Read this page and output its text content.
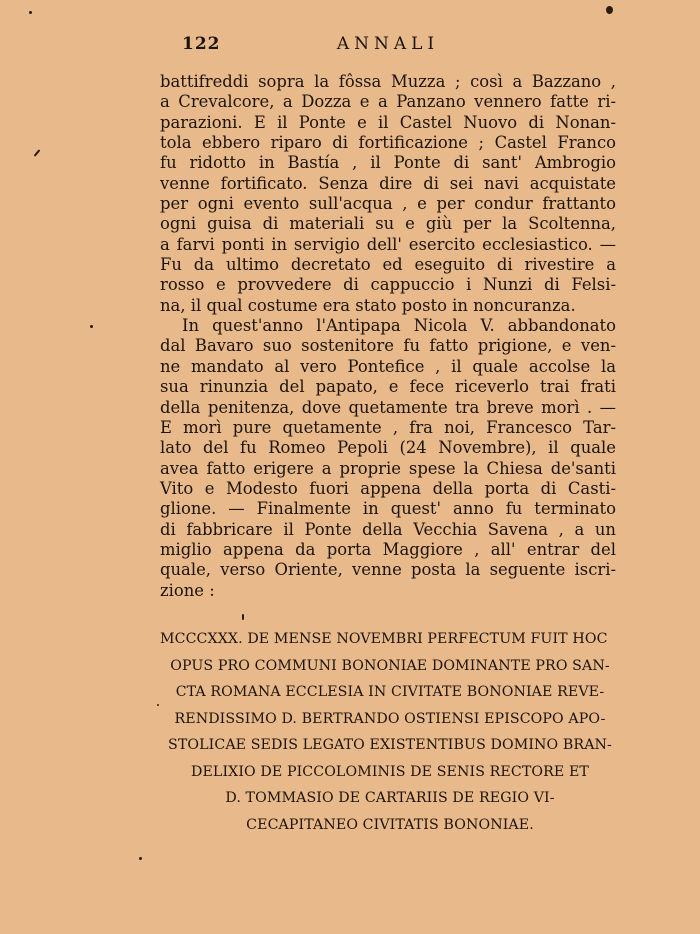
122	ANNALI
battifreddi sopra la fôssa Muzza ; così a Bazzano ,
a Crevalcore, a Dozza e a Panzano vennero fatte ri-
parazioni. E il Ponte e il Castel Nuovo di Nonan-
tola ebbero riparo di fortificazione ; Castel Franco
fu ridotto in Bastía , il Ponte di sant' Ambrogio
venne fortificato. Senza dire di sei navi acquistate
per ogni evento sull'acqua , e per condur frattanto
ogni guisa di materiali su e giù per la Scoltenna,
a farvi ponti in servigio dell' esercito ecclesiastico. —
Fu da ultimo decretato ed eseguito di rivestire a
rosso e provvedere di cappuccio i Nunzi di Felsi-
na, il qual costume era stato posto in noncuranza.
In quest'anno l'Antipapa Nicola V. abbandonato
dal Bavaro suo sostenitore fu fatto prigione, e ven-
ne mandato al vero Pontefice , il quale accolse la
sua rinunzia del papato, e fece riceverlo trai frati
della penitenza, dove quetamente tra breve morì . —
E morì pure quetamente , fra noi, Francesco Tar-
lato del fu Romeo Pepoli (24 Novembre), il quale
avea fatto erigere a proprie spese la Chiesa de'santi
Vito e Modesto fuori appena della porta di Casti-
glione. — Finalmente in quest' anno fu terminato
di fabbricare il Ponte della Vecchia Savena , a un
miglio appena da porta Maggiore , all' entrar del
quale, verso Oriente, venne posta la seguente iscri-
zione :
MCCCXXX. DE MENSE NOVEMBRI PERFECTUM FUIT HOC
OPUS PRO COMMUNI BONONIAE DOMINANTE PRO SAN-
CTA ROMANA ECCLESIA IN CIVITATE BONONIAE REVE-
RENDISSIMO D. BERTRANDO OSTIENSI EPISCOPO APO-
STOLICAE SEDIS LEGATO EXISTENTIBUS DOMINO BRAN-
DELIXIO DE PICCOLOMINIS DE SENIS RECTORE ET
D. TOMMASIO DE CARTARIIS DE REGIO VI-
CECAPITANEO CIVITATIS BONONIAE.
